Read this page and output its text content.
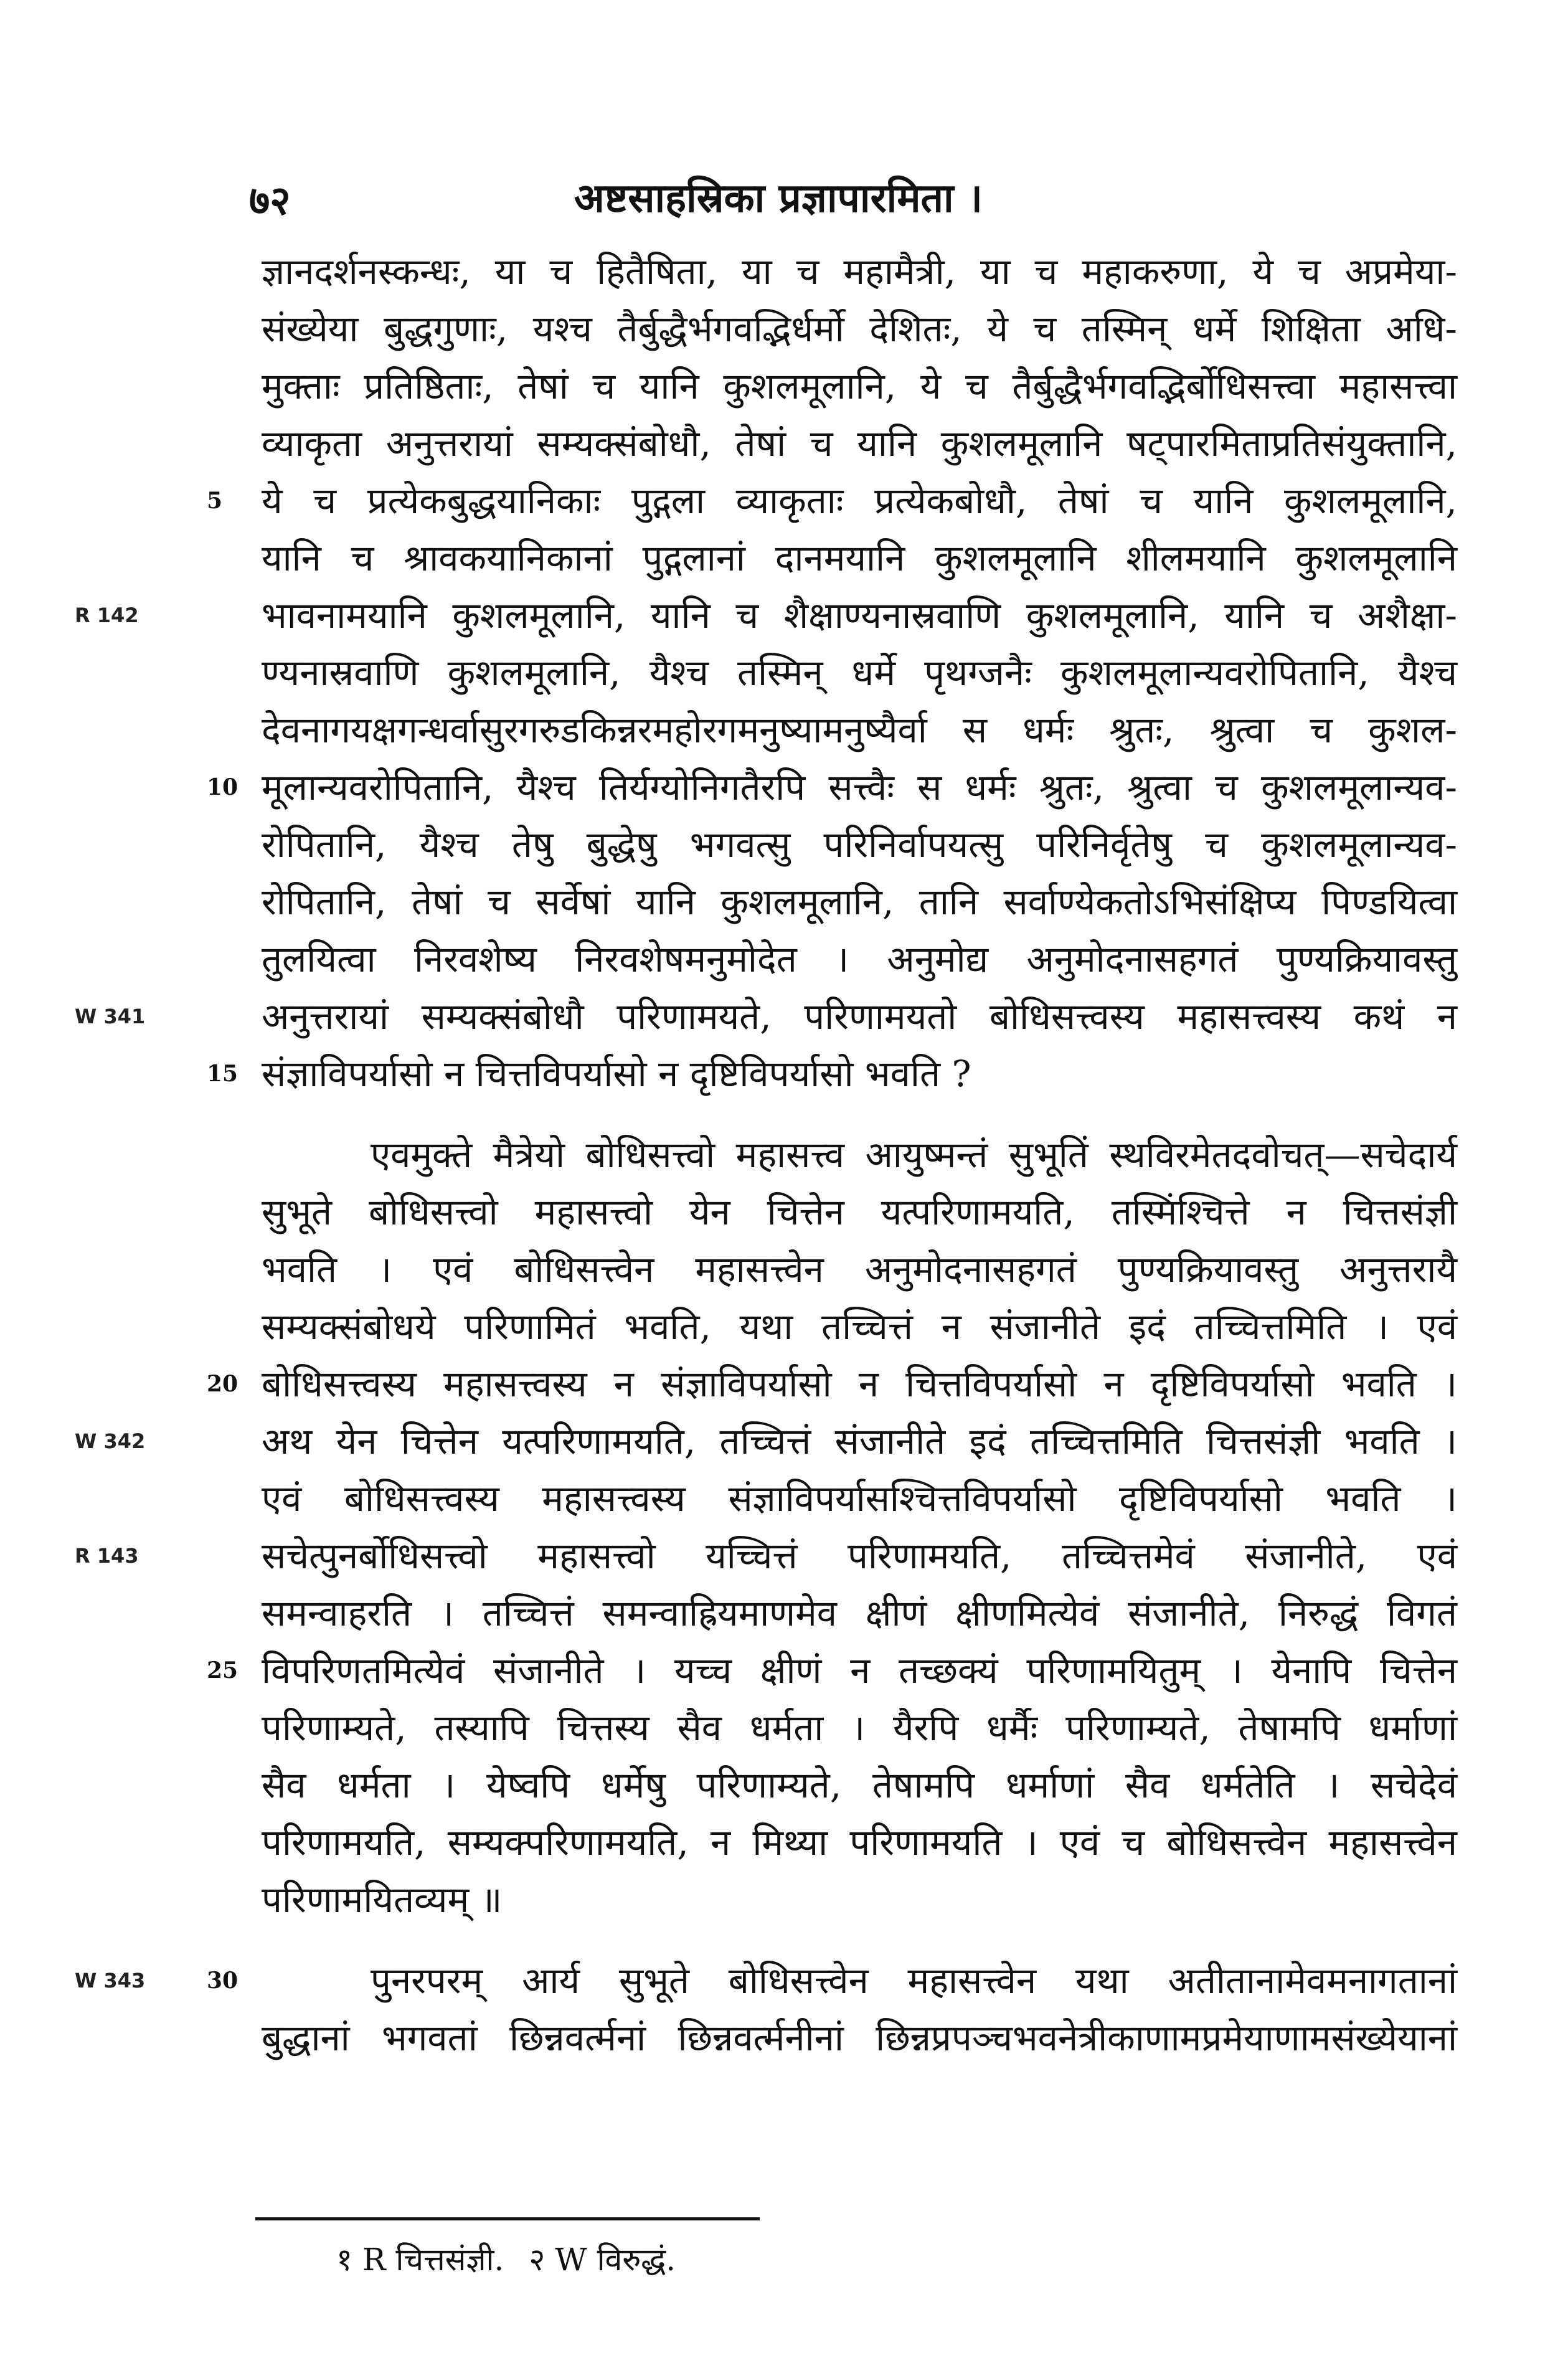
७२	अष्टसाहस्रिका प्रज्ञापारमिता ।
ज्ञानदर्शनस्कन्धः, या च हितैषिता, या च महामैत्री, या च महाकरुणा, ये च अप्रमेया-
संख्येया बुद्धगुणाः, यश्च तैर्बुद्धैर्भगवद्भिर्धर्मो देशितः, ये च तस्मिन् धर्मे शिक्षिता अधि-
मुक्ताः प्रतिष्ठिताः, तेषां च यानि कुशलमूलानि, ये च तैर्बुद्धैर्भगवद्भिर्बोधिसत्त्वा महासत्त्वा
व्याकृता अनुत्तरायां सम्यक्संबोधौ, तेषां च यानि कुशलमूलानि षट्पारमिताप्रतिसंयुक्तानि,
5 ये च प्रत्येकबुद्धयानिकाः पुद्गला व्याकृताः प्रत्येकबोधौ, तेषां च यानि कुशलमूलानि,
यानि च श्रावकयानिकानां पुद्गलानां दानमयानि कुशलमूलानि शीलमयानि कुशलमूलानि
R 142	भावनामयानि कुशलमूलानि, यानि च शैक्षाण्यनास्रवाणि कुशलमूलानि, यानि च अशैक्षा-
ण्यनास्रवाणि कुशलमूलानि, यैश्च तस्मिन् धर्मे पृथग्जनैः कुशलमूलान्यवरोपितानि, यैश्च
देवनागयक्षगन्धर्वासुरगरुडकिन्नरमहोरगमनुष्यामनुष्यैर्वा स धर्मः श्रुतः, श्रुत्वा च कुशल-
10 मूलान्यवरोपितानि, यैश्च तिर्यग्योनिगतैरपि सत्त्वैः स धर्मः श्रुतः, श्रुत्वा च कुशलमूलान्यव-
रोपितानि, यैश्च तेषु बुद्धेषु भगवत्सु परिनिर्वापयत्सु परिनिर्वृतेषु च कुशलमूलान्यव-
रोपितानि, तेषां च सर्वेषां यानि कुशलमूलानि, तानि सर्वाण्येकतोऽभिसंक्षिप्य पिण्डयित्वा
तुलयित्वा निरवशेष्य निरवशेषमनुमोदेत । अनुमोद्य अनुमोदनासहगतं पुण्यक्रियावस्तु
W 341	अनुत्तरायां सम्यक्संबोधौ परिणामयते, परिणामयतो बोधिसत्त्वस्य महासत्त्वस्य कथं न
15 संज्ञाविपर्यासो न चित्तविपर्यासो न दृष्टिविपर्यासो भवति ?
एवमुक्ते मैत्रेयो बोधिसत्त्वो महासत्त्व आयुष्मन्तं सुभूतिं स्थविरमेतदवोचत्—सचेदार्य
सुभूते बोधिसत्त्वो महासत्त्वो येन चित्तेन यत्परिणामयति, तस्मिंश्चित्ते न चित्तसंज्ञी
भवति । एवं बोधिसत्त्वेन महासत्त्वेन अनुमोदनासहगतं पुण्यक्रियावस्तु अनुत्तरायै
सम्यक्संबोधये परिणामितं भवति, यथा तच्चित्तं न संजानीते इदं तच्चित्तमिति । एवं
20 बोधिसत्त्वस्य महासत्त्वस्य न संज्ञाविपर्यासो न चित्तविपर्यासो न दृष्टिविपर्यासो भवति ।
W 342	अथ येन चित्तेन यत्परिणामयति, तच्चित्तं संजानीते इदं तच्चित्तमिति चित्तसंज्ञी भवति ।
एवं बोधिसत्त्वस्य महासत्त्वस्य संज्ञाविपर्यासश्चित्तविपर्यासो दृष्टिविपर्यासो भवति ।
R 143	सचेत्पुनर्बोधिसत्त्वो महासत्त्वो यच्चित्तं परिणामयति, तच्चित्तमेवं संजानीते, एवं
समन्वाहरति । तच्चित्तं समन्वाह्रियमाणमेव क्षीणं क्षीणमित्येवं संजानीते, निरुद्धं विगतं
25 विपरिणतमित्येवं संजानीते । यच्च क्षीणं न तच्छक्यं परिणामयितुम् । येनापि चित्तेन
परिणाम्यते, तस्यापि चित्तस्य सैव धर्मता । यैरपि धर्मैः परिणाम्यते, तेषामपि धर्माणां
सैव धर्मता । येष्वपि धर्मेषु परिणाम्यते, तेषामपि धर्माणां सैव धर्मतेति । सचेदेवं
परिणामयति, सम्यक्परिणामयति, न मिथ्या परिणामयति । एवं च बोधिसत्त्वेन महासत्त्वेन
परिणामयितव्यम् ॥
W 343	30	पुनरपरम् आर्य सुभूते बोधिसत्त्वेन महासत्त्वेन यथा अतीतानामेवमनागतानां
बुद्धानां भगवतां छिन्नवर्त्मनां छिन्नवर्त्मनीनां छिन्नप्रपञ्चभवनेत्रीकाणामप्रमेयाणामसंख्येयानां
१ R चित्तसंज्ञी. २ W विरुद्धं.
